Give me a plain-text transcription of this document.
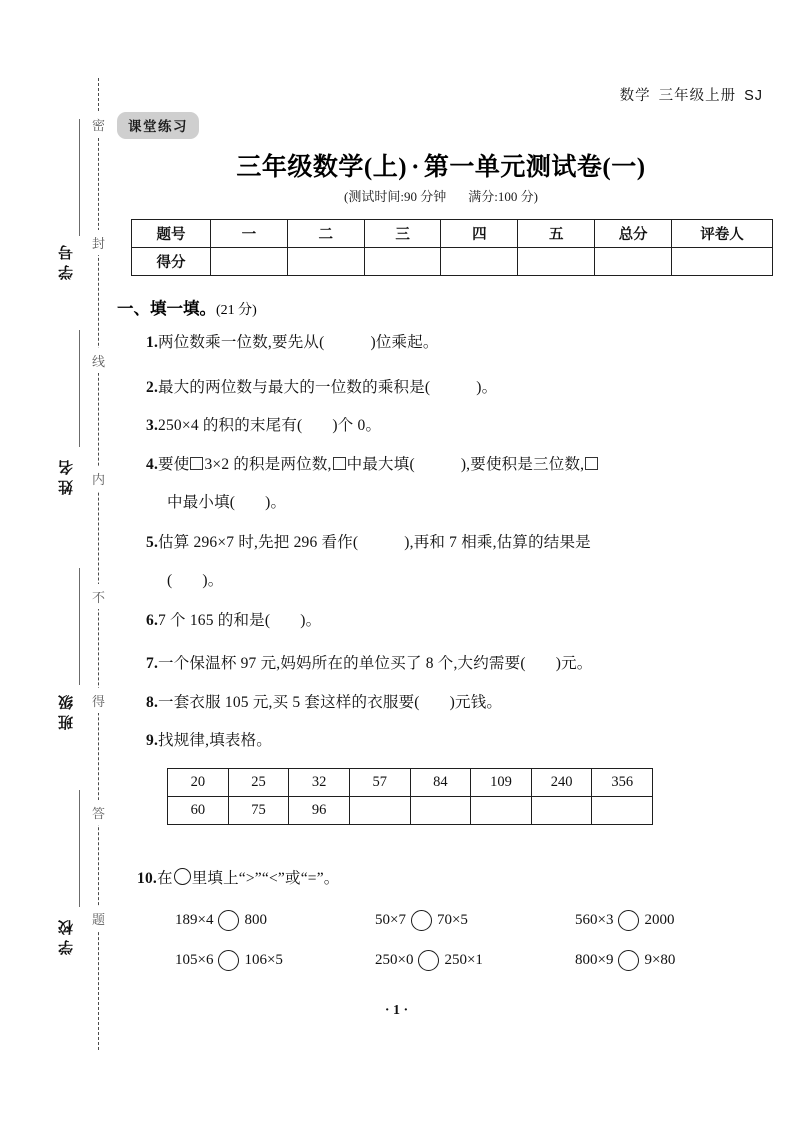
学号
姓名
班级
学校
密
封
线
内
不
得
答
题
数学 三年级上册 SJ
课堂练习
三年级数学(上) · 第一单元测试卷(一)
(测试时间:90 分钟 满分:100 分)
题号	一	二	三	四	五	总分	评卷人
得分							
一、填一填。(21 分)
1.两位数乘一位数,要先从(	)位乘起。
2.最大的两位数与最大的一位数的乘积是(	)。
3.250×4 的积的末尾有( )个 0。
4.要使 3×2 的积是两位数, 中最大填(	),要使积是三位数,
中最小填( )。
5.估算 296×7 时,先把 296 看作(	),再和 7 相乘,估算的结果是
( )。
6.7 个 165 的和是( )。
7.一个保温杯 97 元,妈妈所在的单位买了 8 个,大约需要( )元。
8.一套衣服 105 元,买 5 套这样的衣服要( )元钱。
9.找规律,填表格。
20	25	32	57	84	109	240	356
60	75	96					
10.在 里填上“>”“<”或“=”。
189×4 800	50×7 70×5	560×3 2000
105×6 106×5	250×0 250×1	800×9 9×80
· 1 ·
